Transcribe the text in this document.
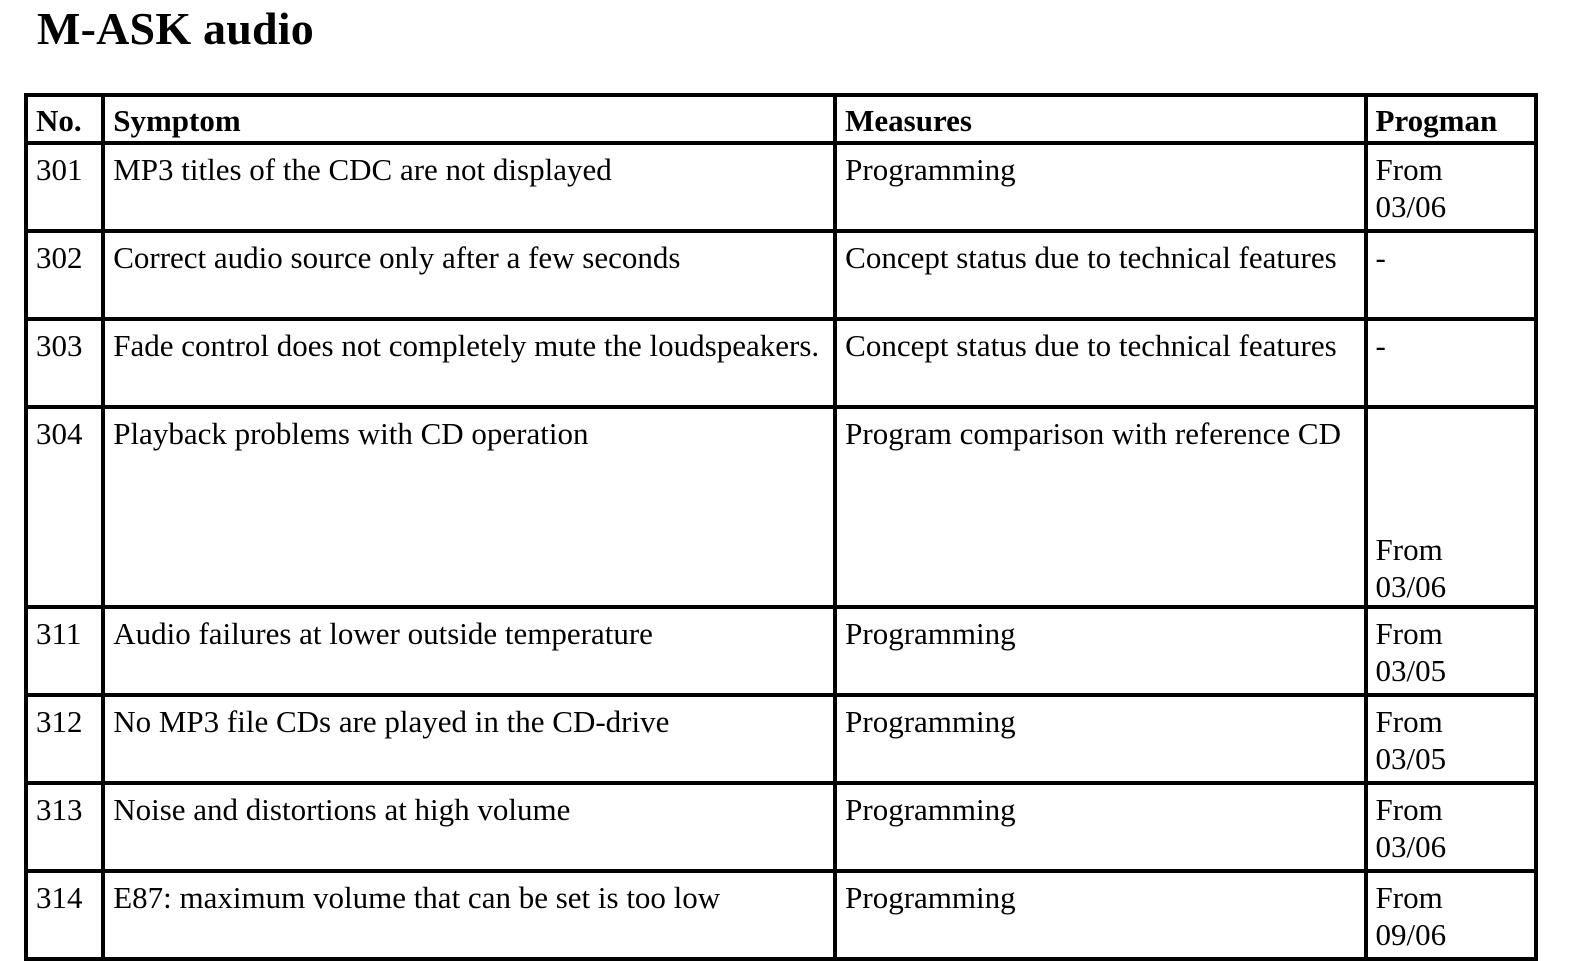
M-ASK audio
No.	Symptom	Measures	Progman
301	MP3 titles of the CDC are not displayed	Programming	From
03/06
302	Correct audio source only after a few seconds	Concept status due to technical features	-

303	Fade control does not completely mute the loudspeakers.	Concept status due to technical features	-

304	Playback problems with CD operation	Program comparison with reference CD	From
03/06

311	Audio failures at lower outside temperature	Programming	From
03/05
312	No MP3 file CDs are played in the CD-drive	Programming	From
03/05
313	Noise and distortions at high volume	Programming	From
03/06
314	E87: maximum volume that can be set is too low	Programming	From
09/06
